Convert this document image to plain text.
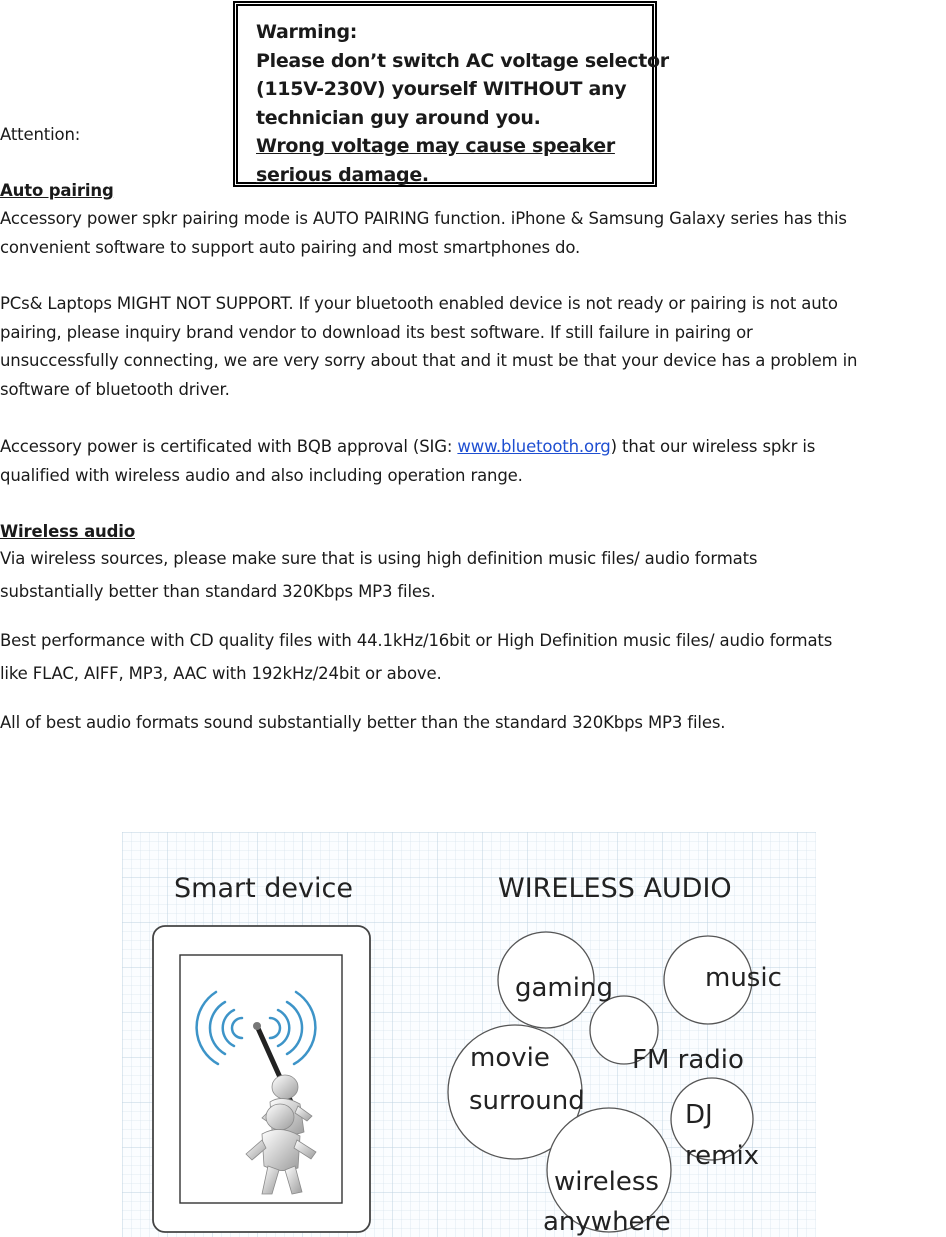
Warming:
Please don’t switch AC voltage selector
(115V-230V) yourself WITHOUT any
technician guy around you.
Wrong voltage may cause speaker
serious damage.
Attention:
Auto pairing

Accessory power spkr pairing mode is AUTO PAIRING function. iPhone & Samsung Galaxy series has this

convenient software to support auto pairing and most smartphones do.

PCs& Laptops MIGHT NOT SUPPORT. If your bluetooth enabled device is not ready or pairing is not auto

pairing, please inquiry brand vendor to download its best software. If still failure in pairing or

unsuccessfully connecting, we are very sorry about that and it must be that your device has a problem in

software of bluetooth driver.

Accessory power is certificated with BQB approval (SIG: www.bluetooth.org) that our wireless spkr is

qualified with wireless audio and also including operation range.

Wireless audio

Via wireless sources, please make sure that is using high definition music files/ audio formats

substantially better than standard 320Kbps MP3 files.

Best performance with CD quality files with 44.1kHz/16bit or High Definition music files/ audio formats

like FLAC, AIFF, MP3, AAC with 192kHz/24bit or above.

All of best audio formats sound substantially better than the standard 320Kbps MP3 files.
Smart device	WIRELESS AUDIO
gaming	music
movie
surround
FM radio
DJ
remix
wireless
anywhere
